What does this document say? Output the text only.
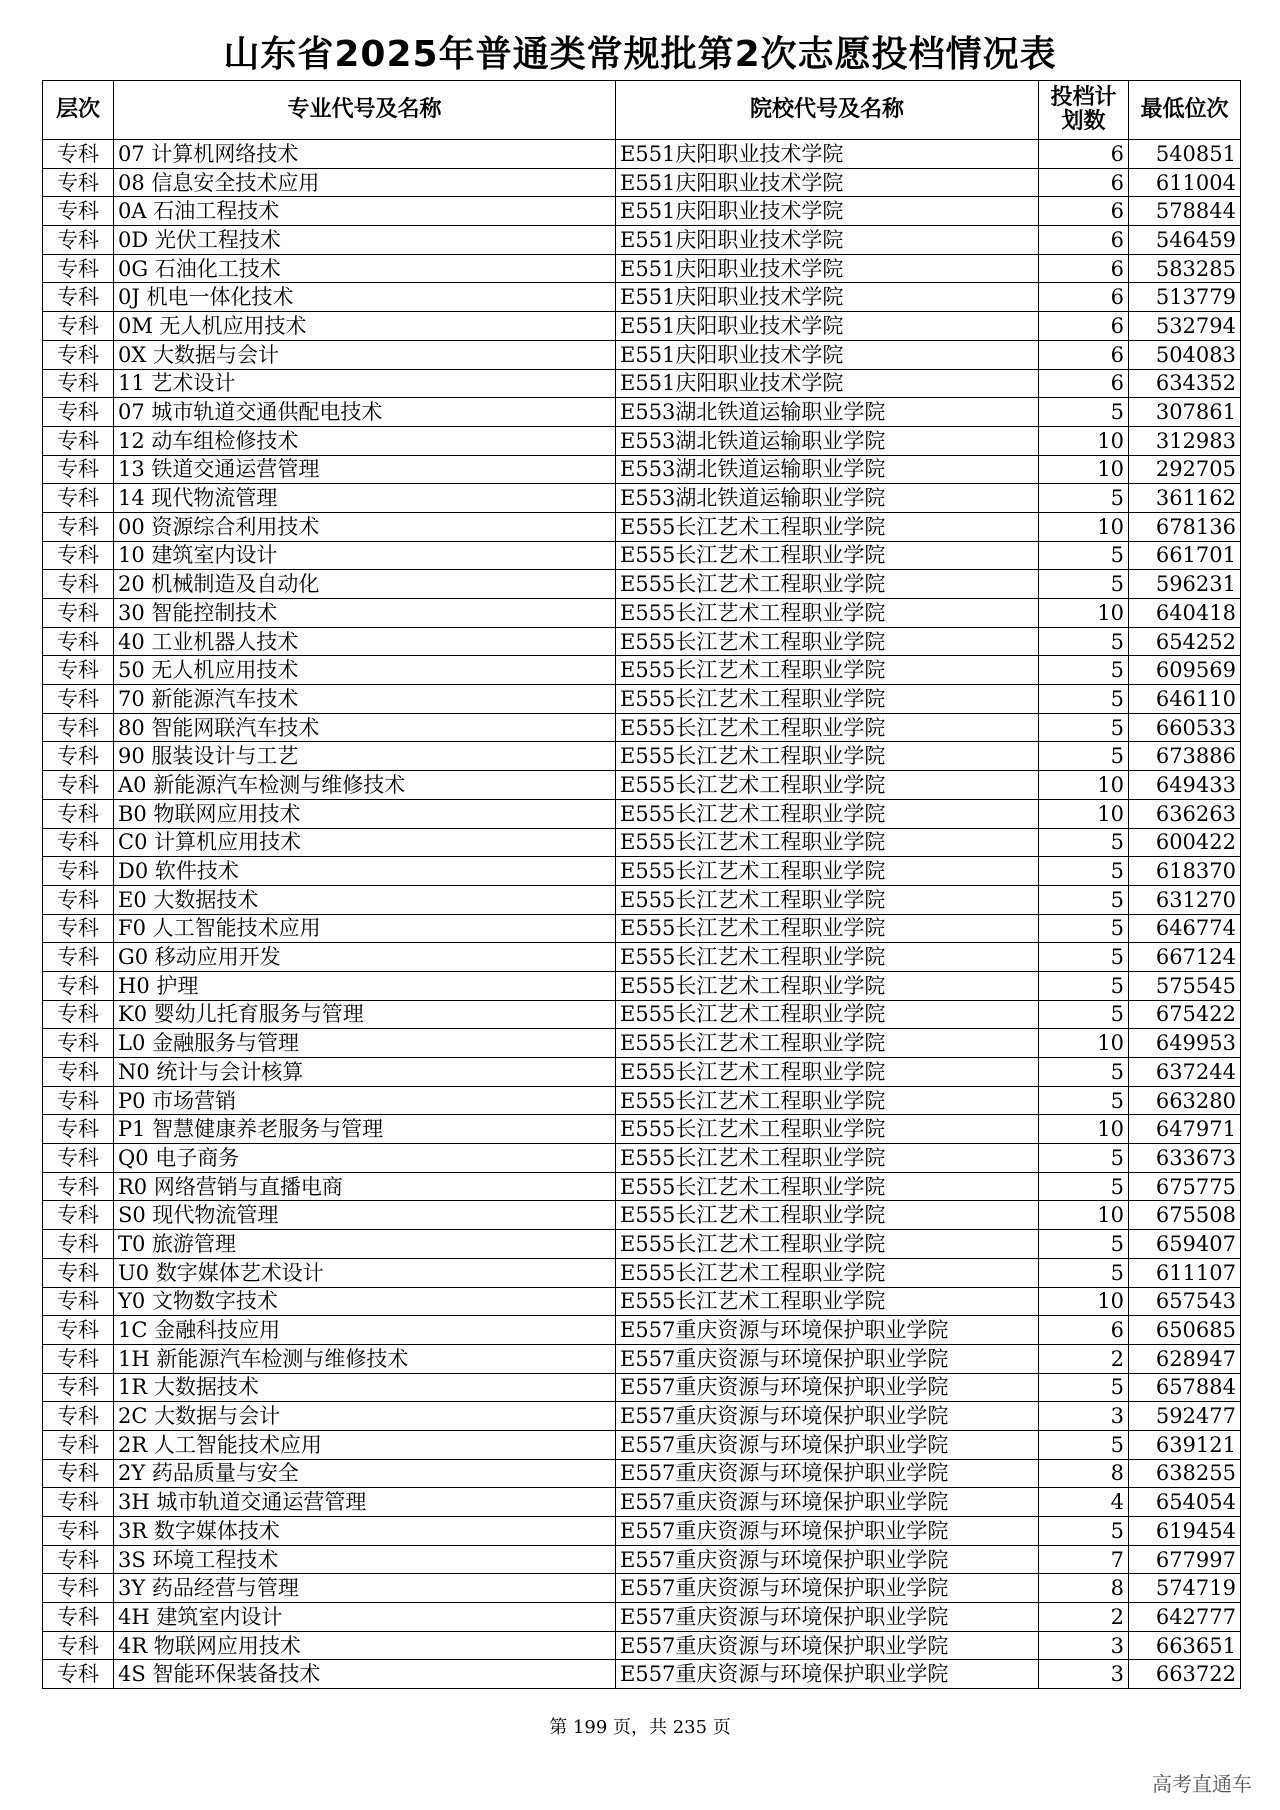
山东省2025年普通类常规批第2次志愿投档情况表
层次	专业代号及名称	院校代号及名称	投档计划数	最低位次
专科	07 计算机网络技术	E551庆阳职业技术学院	6	540851
专科	08 信息安全技术应用	E551庆阳职业技术学院	6	611004
专科	0A 石油工程技术	E551庆阳职业技术学院	6	578844
专科	0D 光伏工程技术	E551庆阳职业技术学院	6	546459
专科	0G 石油化工技术	E551庆阳职业技术学院	6	583285
专科	0J 机电一体化技术	E551庆阳职业技术学院	6	513779
专科	0M 无人机应用技术	E551庆阳职业技术学院	6	532794
专科	0X 大数据与会计	E551庆阳职业技术学院	6	504083
专科	11 艺术设计	E551庆阳职业技术学院	6	634352
专科	07 城市轨道交通供配电技术	E553湖北铁道运输职业学院	5	307861
专科	12 动车组检修技术	E553湖北铁道运输职业学院	10	312983
专科	13 铁道交通运营管理	E553湖北铁道运输职业学院	10	292705
专科	14 现代物流管理	E553湖北铁道运输职业学院	5	361162
专科	00 资源综合利用技术	E555长江艺术工程职业学院	10	678136
专科	10 建筑室内设计	E555长江艺术工程职业学院	5	661701
专科	20 机械制造及自动化	E555长江艺术工程职业学院	5	596231
专科	30 智能控制技术	E555长江艺术工程职业学院	10	640418
专科	40 工业机器人技术	E555长江艺术工程职业学院	5	654252
专科	50 无人机应用技术	E555长江艺术工程职业学院	5	609569
专科	70 新能源汽车技术	E555长江艺术工程职业学院	5	646110
专科	80 智能网联汽车技术	E555长江艺术工程职业学院	5	660533
专科	90 服装设计与工艺	E555长江艺术工程职业学院	5	673886
专科	A0 新能源汽车检测与维修技术	E555长江艺术工程职业学院	10	649433
专科	B0 物联网应用技术	E555长江艺术工程职业学院	10	636263
专科	C0 计算机应用技术	E555长江艺术工程职业学院	5	600422
专科	D0 软件技术	E555长江艺术工程职业学院	5	618370
专科	E0 大数据技术	E555长江艺术工程职业学院	5	631270
专科	F0 人工智能技术应用	E555长江艺术工程职业学院	5	646774
专科	G0 移动应用开发	E555长江艺术工程职业学院	5	667124
专科	H0 护理	E555长江艺术工程职业学院	5	575545
专科	K0 婴幼儿托育服务与管理	E555长江艺术工程职业学院	5	675422
专科	L0 金融服务与管理	E555长江艺术工程职业学院	10	649953
专科	N0 统计与会计核算	E555长江艺术工程职业学院	5	637244
专科	P0 市场营销	E555长江艺术工程职业学院	5	663280
专科	P1 智慧健康养老服务与管理	E555长江艺术工程职业学院	10	647971
专科	Q0 电子商务	E555长江艺术工程职业学院	5	633673
专科	R0 网络营销与直播电商	E555长江艺术工程职业学院	5	675775
专科	S0 现代物流管理	E555长江艺术工程职业学院	10	675508
专科	T0 旅游管理	E555长江艺术工程职业学院	5	659407
专科	U0 数字媒体艺术设计	E555长江艺术工程职业学院	5	611107
专科	Y0 文物数字技术	E555长江艺术工程职业学院	10	657543
专科	1C 金融科技应用	E557重庆资源与环境保护职业学院	6	650685
专科	1H 新能源汽车检测与维修技术	E557重庆资源与环境保护职业学院	2	628947
专科	1R 大数据技术	E557重庆资源与环境保护职业学院	5	657884
专科	2C 大数据与会计	E557重庆资源与环境保护职业学院	3	592477
专科	2R 人工智能技术应用	E557重庆资源与环境保护职业学院	5	639121
专科	2Y 药品质量与安全	E557重庆资源与环境保护职业学院	8	638255
专科	3H 城市轨道交通运营管理	E557重庆资源与环境保护职业学院	4	654054
专科	3R 数字媒体技术	E557重庆资源与环境保护职业学院	5	619454
专科	3S 环境工程技术	E557重庆资源与环境保护职业学院	7	677997
专科	3Y 药品经营与管理	E557重庆资源与环境保护职业学院	8	574719
专科	4H 建筑室内设计	E557重庆资源与环境保护职业学院	2	642777
专科	4R 物联网应用技术	E557重庆资源与环境保护职业学院	3	663651
专科	4S 智能环保装备技术	E557重庆资源与环境保护职业学院	3	663722
第 199 页，共 235 页
高考直通车
